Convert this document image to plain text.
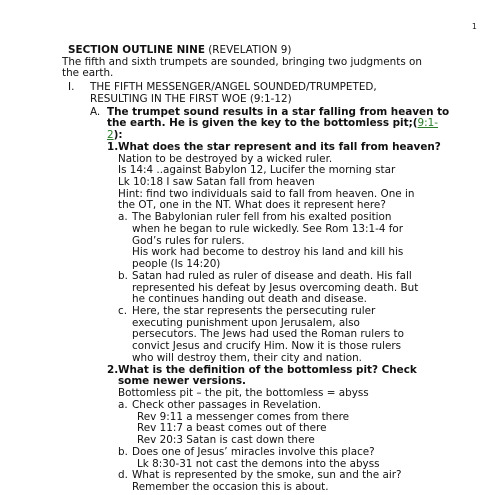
1
SECTION OUTLINE NINE (REVELATION 9)
The fifth and sixth trumpets are sounded, bringing two judgments on
the earth.
I. THE FIFTH MESSENGER/ANGEL SOUNDED/TRUMPETED,
RESULTING IN THE FIRST WOE (9:1-12)
A. The trumpet sound results in a star falling from heaven to
the earth. He is given the key to the bottomless pit;(9:1-
2):
1. What does the star represent and its fall from heaven?
Nation to be destroyed by a wicked ruler.
Is 14:4 ..against Babylon 12, Lucifer the morning star
Lk 10:18 I saw Satan fall from heaven
Hint: find two individuals said to fall from heaven. One in
the OT, one in the NT. What does it represent here?
a. The Babylonian ruler fell from his exalted position
when he began to rule wickedly. See Rom 13:1-4 for
God’s rules for rulers.
His work had become to destroy his land and kill his
people (Is 14:20)
b. Satan had ruled as ruler of disease and death. His fall
represented his defeat by Jesus overcoming death. But
he continues handing out death and disease.
c. Here, the star represents the persecuting ruler
executing punishment upon Jerusalem, also
persecutors. The Jews had used the Roman rulers to
convict Jesus and crucify Him. Now it is those rulers
who will destroy them, their city and nation.
2. What is the definition of the bottomless pit? Check
some newer versions.
Bottomless pit – the pit, the bottomless = abyss
a. Check other passages in Revelation.
Rev 9:11 a messenger comes from there
Rev 11:7 a beast comes out of there
Rev 20:3 Satan is cast down there
b. Does one of Jesus’ miracles involve this place?
Lk 8:30-31 not cast the demons into the abyss
d. What is represented by the smoke, sun and the air?
Remember the occasion this is about.
